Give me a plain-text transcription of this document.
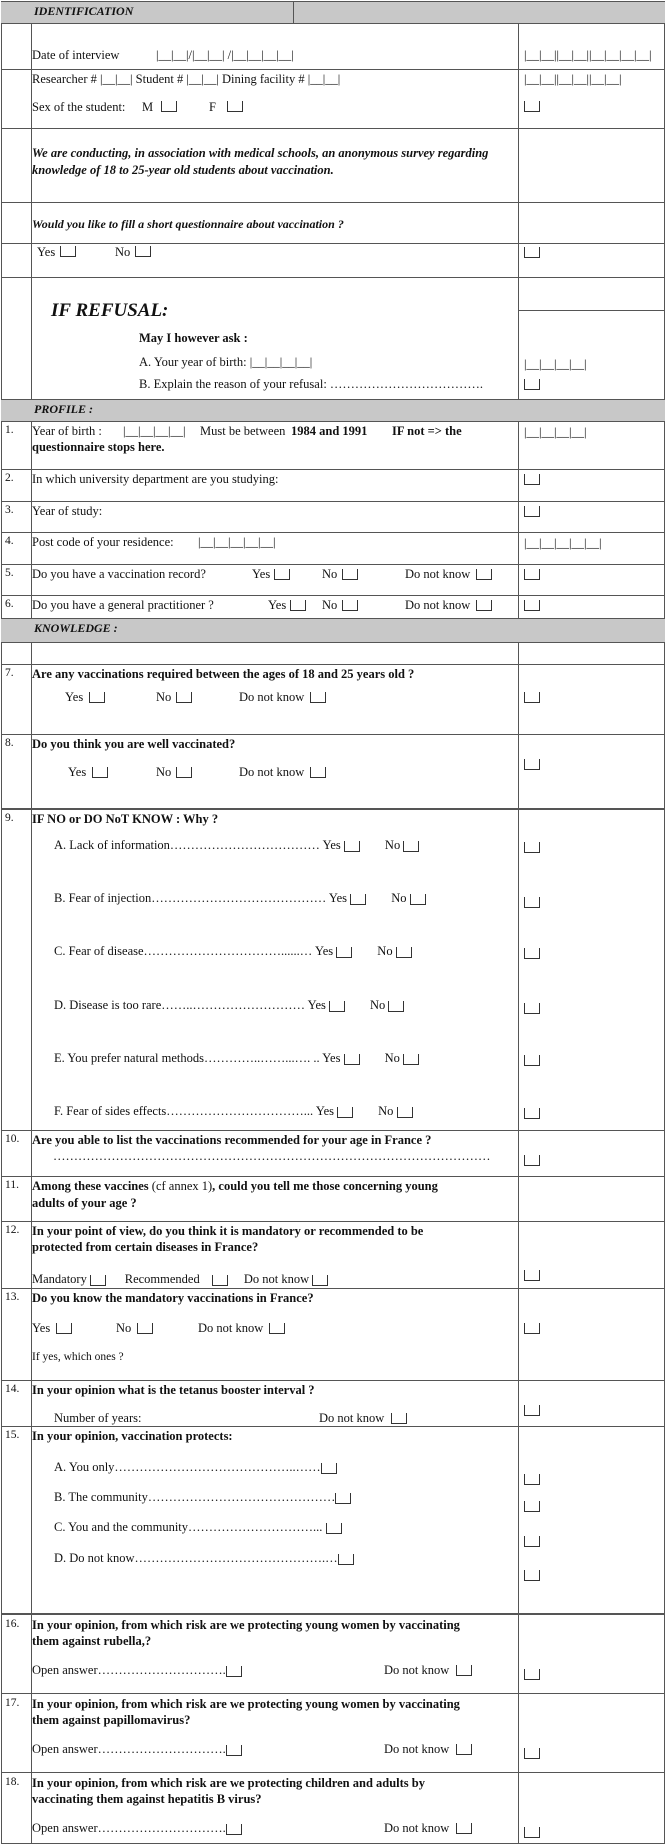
IDENTIFICATION
Date of interview	|__|__|/|__|__| /|__|__|__|__|	|__|__||__|__||__|__|__|__|
Researcher # |__|__| Student # |__|__| Dining facility # |__|__|	|__|__||__|__||__|__|
Sex of the student: M	F
We are conducting, in association with medical schools, an anonymous survey regarding knowledge of 18 to 25-year old students about vaccination.
Would you like to fill a short questionnaire about vaccination ?
Yes	No
IF REFUSAL:
May I however ask :
A. Your year of birth: |__|__|__|__|	|__|__|__|__|
B. Explain the reason of your refusal: ……………………………….
PROFILE :
1. Year of birth : |__|__|__|__| Must be between 1984 and 1991 IF not => the
questionnaire stops here.
|__|__|__|__|
2. In which university department are you studying:
3. Year of study:
4. Post code of your residence: |__|__|__|__|__|	|__|__|__|__|__|
5. Do you have a vaccination record?	Yes	No	Do not know
6. Do you have a general practitioner ?	Yes	No	Do not know
KNOWLEDGE :
7. Are any vaccinations required between the ages of 18 and 25 years old ?
Yes	No	Do not know
8. Do you think you are well vaccinated?
Yes	No	Do not know
9. IF NO or DO NoT KNOW : Why ?
A. Lack of information……………………………… Yes	No
B. Fear of injection…………………………………… Yes	No
C. Fear of disease……………………………......… Yes	No
D. Disease is too rare……..……………………… Yes	No
E. You prefer natural methods…………..……...…. .. Yes	No
F. Fear of sides effects……………………………... Yes	No
10. Are you able to list the vaccinations recommended for your age in France ?
……………………………………………………………………………………………
11. Among these vaccines (cf annex 1), could you tell me those concerning young
adults of your age ?
12. In your point of view, do you think it is mandatory or recommended to be
protected from certain diseases in France?
Mandatory	Recommended	Do not know
13. Do you know the mandatory vaccinations in France?
Yes	No	Do not know
If yes, which ones ?
14. In your opinion what is the tetanus booster interval ?
Number of years:	Do not know
15. In your opinion, vaccination protects:
A. You only……………………………………..……
B. The community………………………………………
C. You and the community…………………………...
D. Do not know……………………………………….…
16. In your opinion, from which risk are we protecting young women by vaccinating
them against rubella,?
Open answer………………………….	Do not know
17. In your opinion, from which risk are we protecting young women by vaccinating
them against papillomavirus?
Open answer………………………….	Do not know
18. In your opinion, from which risk are we protecting children and adults by
vaccinating them against hepatitis B virus?
Open answer………………………….	Do not know
